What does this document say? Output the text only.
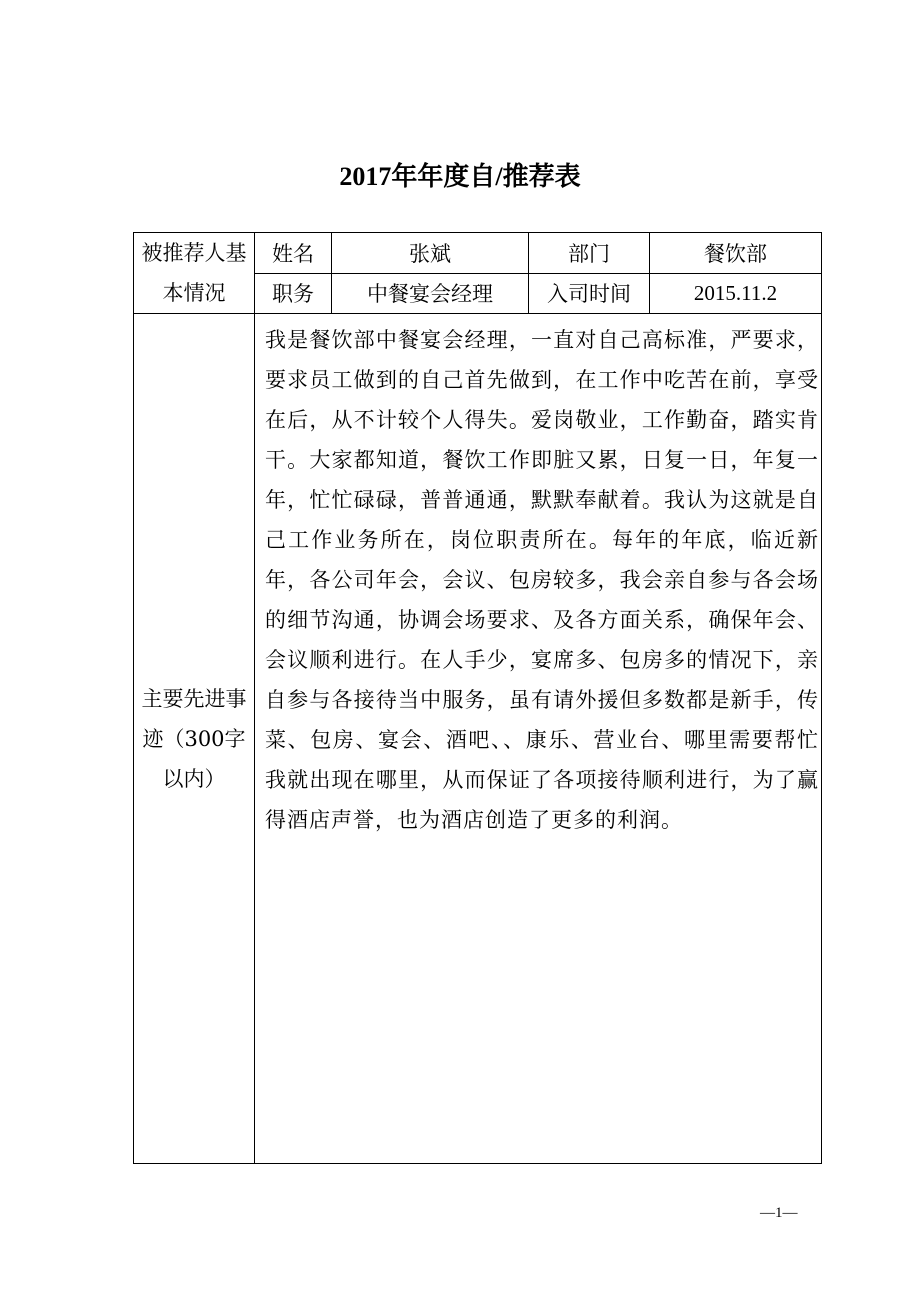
2017年年度自/推荐表
被推荐人基本情况	姓名	张斌	部门	餐饮部
	职务	中餐宴会经理	入司时间	2015.11.2
主要先进事迹（300字以内）	我是餐饮部中餐宴会经理，一直对自己高标准，严要求，要求员工做到的自己首先做到，在工作中吃苦在前，享受在后，从不计较个人得失。爱岗敬业，工作勤奋，踏实肯干。大家都知道，餐饮工作即脏又累，日复一日，年复一年，忙忙碌碌，普普通通，默默奉献着。我认为这就是自己工作业务所在，岗位职责所在。每年的年底，临近新年，各公司年会，会议、包房较多，我会亲自参与各会场的细节沟通，协调会场要求、及各方面关系，确保年会、会议顺利进行。在人手少，宴席多、包房多的情况下，亲自参与各接待当中服务，虽有请外援但多数都是新手，传菜、包房、宴会、酒吧、、康乐、营业台、哪里需要帮忙我就出现在哪里，从而保证了各项接待顺利进行，为了赢得酒店声誉，也为酒店创造了更多的利润。			
—1—
